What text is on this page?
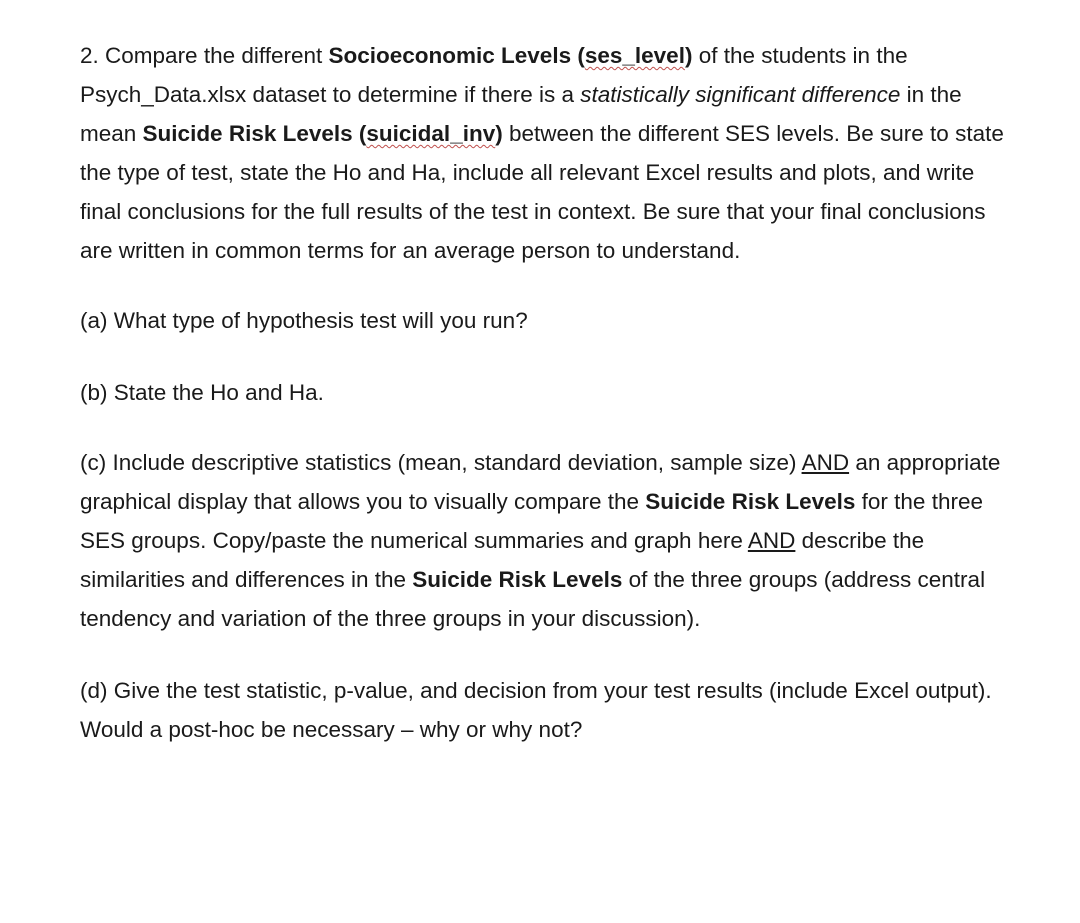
2. Compare the different Socioeconomic Levels (ses_level) of the students in the Psych_Data.xlsx dataset to determine if there is a statistically significant difference in the mean Suicide Risk Levels (suicidal_inv) between the different SES levels. Be sure to state the type of test, state the Ho and Ha, include all relevant Excel results and plots, and write final conclusions for the full results of the test in context. Be sure that your final conclusions are written in common terms for an average person to understand.

(a) What type of hypothesis test will you run?

(b) State the Ho and Ha.

(c) Include descriptive statistics (mean, standard deviation, sample size) AND an appropriate graphical display that allows you to visually compare the Suicide Risk Levels for the three SES groups. Copy/paste the numerical summaries and graph here AND describe the similarities and differences in the Suicide Risk Levels of the three groups (address central tendency and variation of the three groups in your discussion).

(d) Give the test statistic, p-value, and decision from your test results (include Excel output). Would a post-hoc be necessary – why or why not?
